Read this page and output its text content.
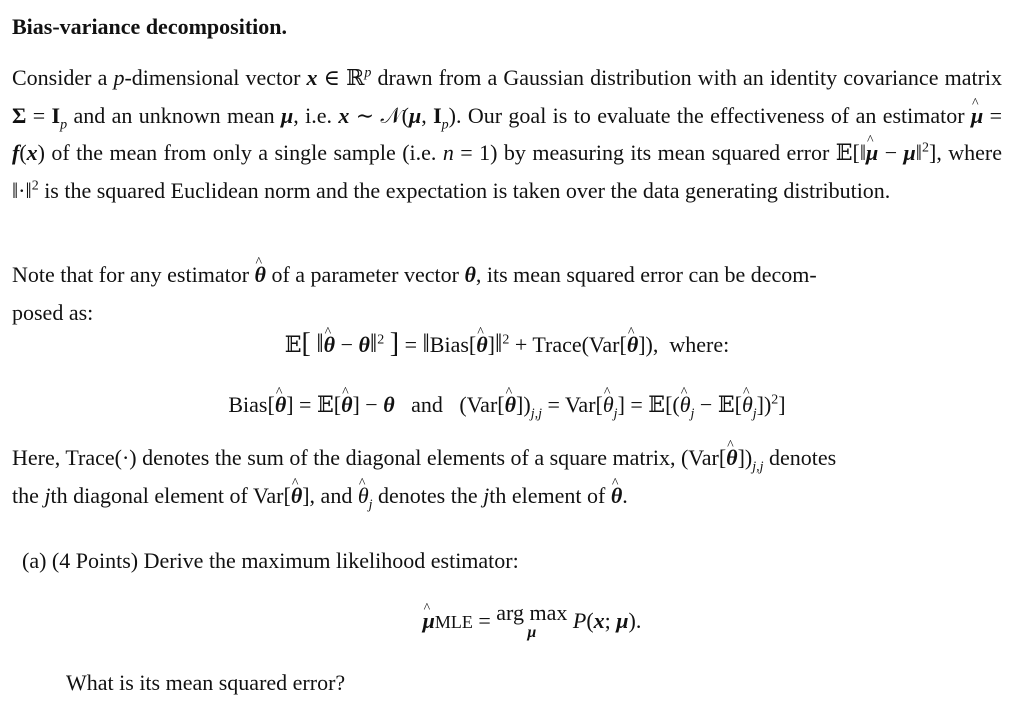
Bias-variance decomposition.
Consider a p-dimensional vector x ∈ ℝ$^p$ drawn from a Gaussian distribution with an identity covariance matrix $\Sigma = I_p$ and an unknown mean μ, i.e. x ∼ 𝒩(μ, $I_p$). Our goal is to evaluate the effectiveness of an estimator μ ^ = f(x) of the mean from only a single sample (i.e. n = 1) by measuring its mean squared error 𝔼[‖μ ^ − μ‖$^2$], where ‖·‖$^2$ is the squared Euclidean norm and the expectation is taken over the data generating distribution.
Note that for any estimator θ ^ of a parameter vector θ, its mean squared error can be decom-
posed as:
𝔼[ ‖θ ^ − θ‖$^2$ ] = ‖Bias[θ ^]‖$^2$ + Trace(Var[θ ^]),  where:
Bias[θ ^] = 𝔼[θ ^] − θ and   (Var[θ $\^{}])_{j,j} = Var[\theta$ $\^{}_j$] = 𝔼[(θ $\^{}_j$ − 𝔼[θ $\^{}_j])^2$]
Here, Trace(·) denotes the sum of the diagonal elements of a square matrix, (Var[θ $\^{}])_{j,j}$ denotes
the jth diagonal element of Var[θ ^], and θ $\^{}_j$ denotes the jth element of θ ^.
(a) (4 Points) Derive the maximum likelihood estimator:
μ ^MLE = arg max
μ	P(x; μ).
What is its mean squared error?
